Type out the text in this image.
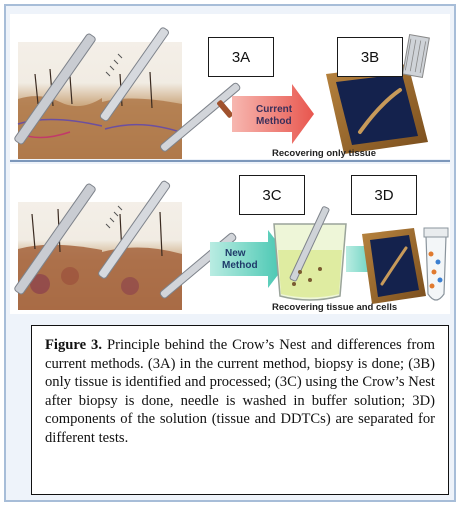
Current
Method
Recovering only tissue
New
Method
Recovering tissue and cells
3A	3B
3C	3D
Figure 3. Principle behind the Crow’s Nest and differences from current methods. (3A) in the current method, biopsy is done; (3B) only tissue is identified and processed; (3C) using the Crow’s Nest after biopsy is done, needle is washed in buffer solution; 3D) components of the solution (tissue and DDTCs) are separated for different tests.
